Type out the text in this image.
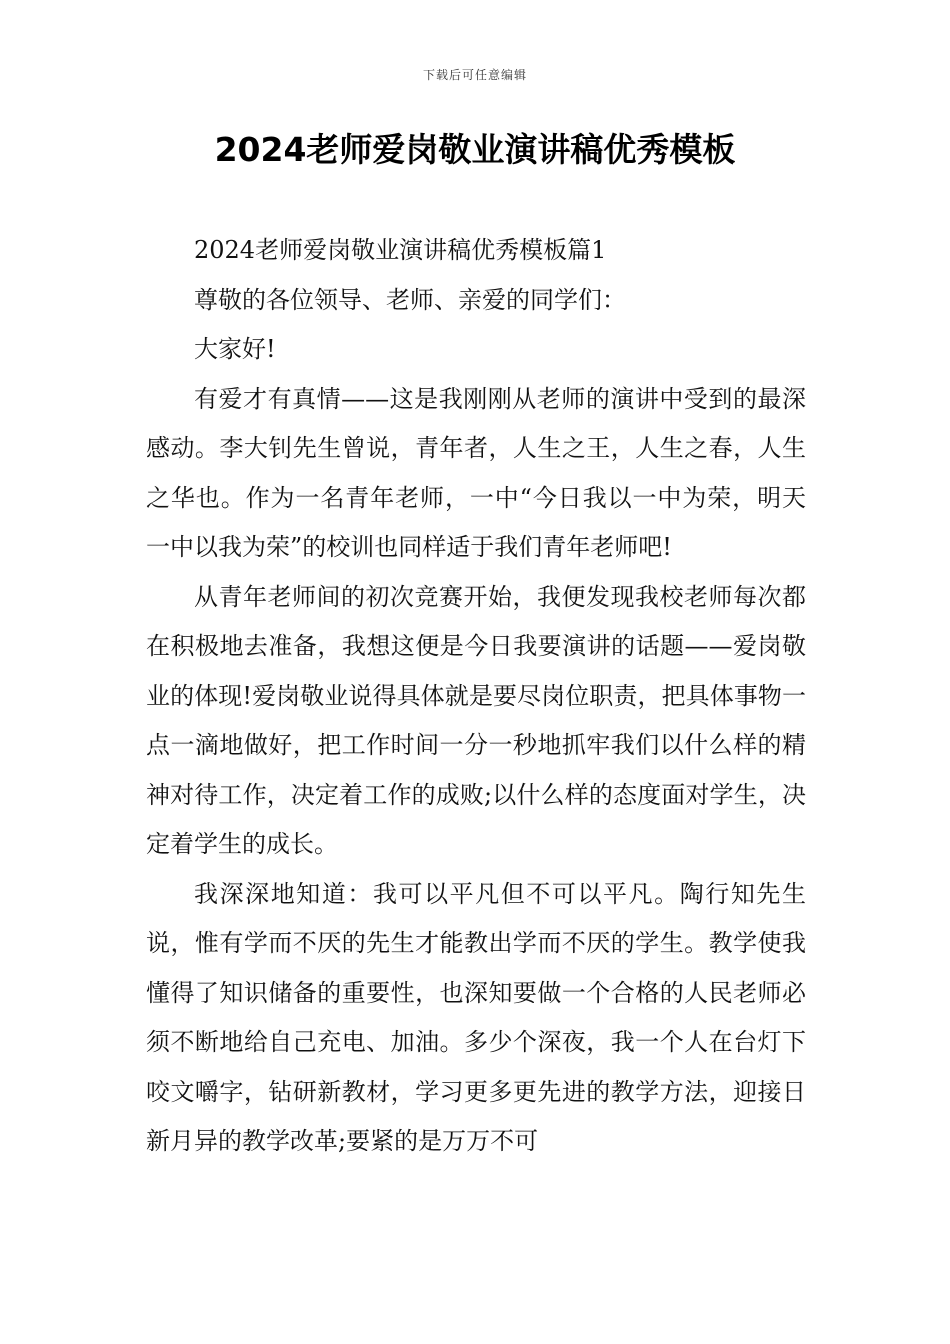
下载后可任意编辑
2024老师爱岗敬业演讲稿优秀模板

2024老师爱岗敬业演讲稿优秀模板篇1

尊敬的各位领导、老师、亲爱的同学们：

大家好!

有爱才有真情——这是我刚刚从老师的演讲中受到的最深感动。李大钊先生曾说，青年者，人生之王，人生之春，人生之华也。作为一名青年老师，一中“今日我以一中为荣，明天一中以我为荣”的校训也同样适于我们青年老师吧!

从青年老师间的初次竞赛开始，我便发现我校老师每次都在积极地去准备，我想这便是今日我要演讲的话题——爱岗敬业的体现!爱岗敬业说得具体就是要尽岗位职责，把具体事物一点一滴地做好，把工作时间一分一秒地抓牢我们以什么样的精神对待工作，决定着工作的成败;以什么样的态度面对学生，决定着学生的成长。

我深深地知道：我可以平凡但不可以平凡。陶行知先生说，惟有学而不厌的先生才能教出学而不厌的学生。教学使我懂得了知识储备的重要性，也深知要做一个合格的人民老师必须不断地给自己充电、加油。多少个深夜，我一个人在台灯下咬文嚼字，钻研新教材，学习更多更先进的教学方法，迎接日新月异的教学改革;要紧的是万万不可
